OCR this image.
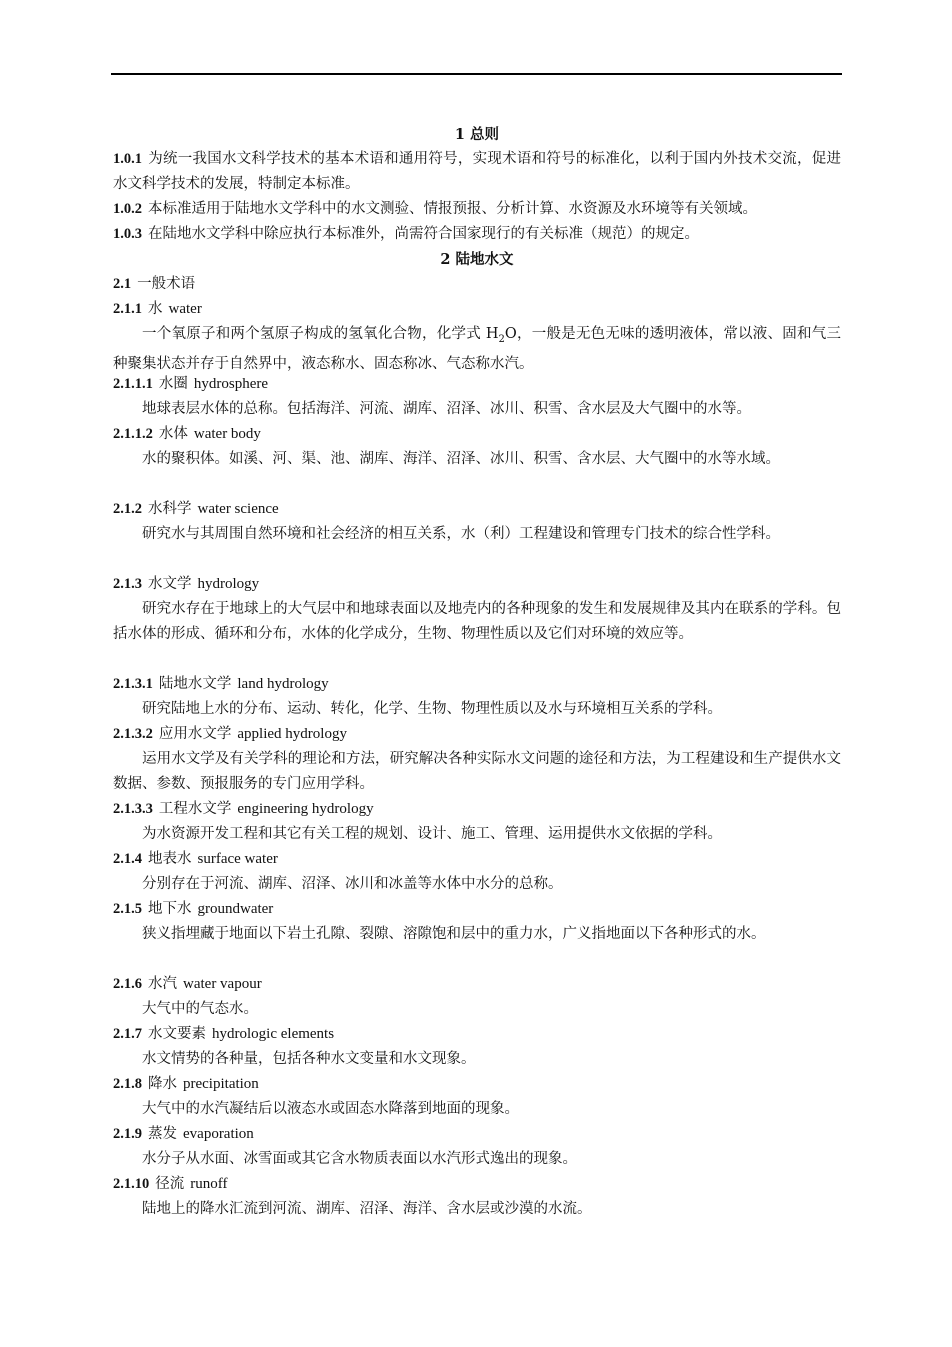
1 总则
1.0.1 为统一我国水文科学技术的基本术语和通用符号，实现术语和符号的标准化，以利于国内外技术交流，促进水文科学技术的发展，特制定本标准。
1.0.2 本标准适用于陆地水文学科中的水文测验、情报预报、分析计算、水资源及水环境等有关领域。
1.0.3 在陆地水文学科中除应执行本标准外，尚需符合国家现行的有关标准（规范）的规定。
2 陆地水文
2.1 一般术语
2.1.1 水 water
一个氧原子和两个氢原子构成的氢氧化合物，化学式 $H_2O$，一般是无色无味的透明液体，常以液、固和气三种聚集状态并存于自然界中，液态称水、固态称冰、气态称水汽。
2.1.1.1 水圈 hydrosphere
地球表层水体的总称。包括海洋、河流、湖库、沼泽、冰川、积雪、含水层及大气圈中的水等。
2.1.1.2 水体 water body
水的聚积体。如溪、河、渠、池、湖库、海洋、沼泽、冰川、积雪、含水层、大气圈中的水等水域。
2.1.2 水科学 water science
研究水与其周围自然环境和社会经济的相互关系，水（利）工程建设和管理专门技术的综合性学科。
2.1.3 水文学 hydrology
研究水存在于地球上的大气层中和地球表面以及地壳内的各种现象的发生和发展规律及其内在联系的学科。包括水体的形成、循环和分布，水体的化学成分，生物、物理性质以及它们对环境的效应等。
2.1.3.1 陆地水文学 land hydrology
研究陆地上水的分布、运动、转化，化学、生物、物理性质以及水与环境相互关系的学科。
2.1.3.2 应用水文学 applied hydrology
运用水文学及有关学科的理论和方法，研究解决各种实际水文问题的途径和方法，为工程建设和生产提供水文数据、参数、预报服务的专门应用学科。
2.1.3.3 工程水文学 engineering hydrology
为水资源开发工程和其它有关工程的规划、设计、施工、管理、运用提供水文依据的学科。
2.1.4 地表水 surface water
分别存在于河流、湖库、沼泽、冰川和冰盖等水体中水分的总称。
2.1.5 地下水 groundwater
狭义指埋藏于地面以下岩土孔隙、裂隙、溶隙饱和层中的重力水，广义指地面以下各种形式的水。
2.1.6 水汽 water vapour
大气中的气态水。
2.1.7 水文要素 hydrologic elements
水文情势的各种量，包括各种水文变量和水文现象。
2.1.8 降水 precipitation
大气中的水汽凝结后以液态水或固态水降落到地面的现象。
2.1.9 蒸发 evaporation
水分子从水面、冰雪面或其它含水物质表面以水汽形式逸出的现象。
2.1.10 径流 runoff
陆地上的降水汇流到河流、湖库、沼泽、海洋、含水层或沙漠的水流。
